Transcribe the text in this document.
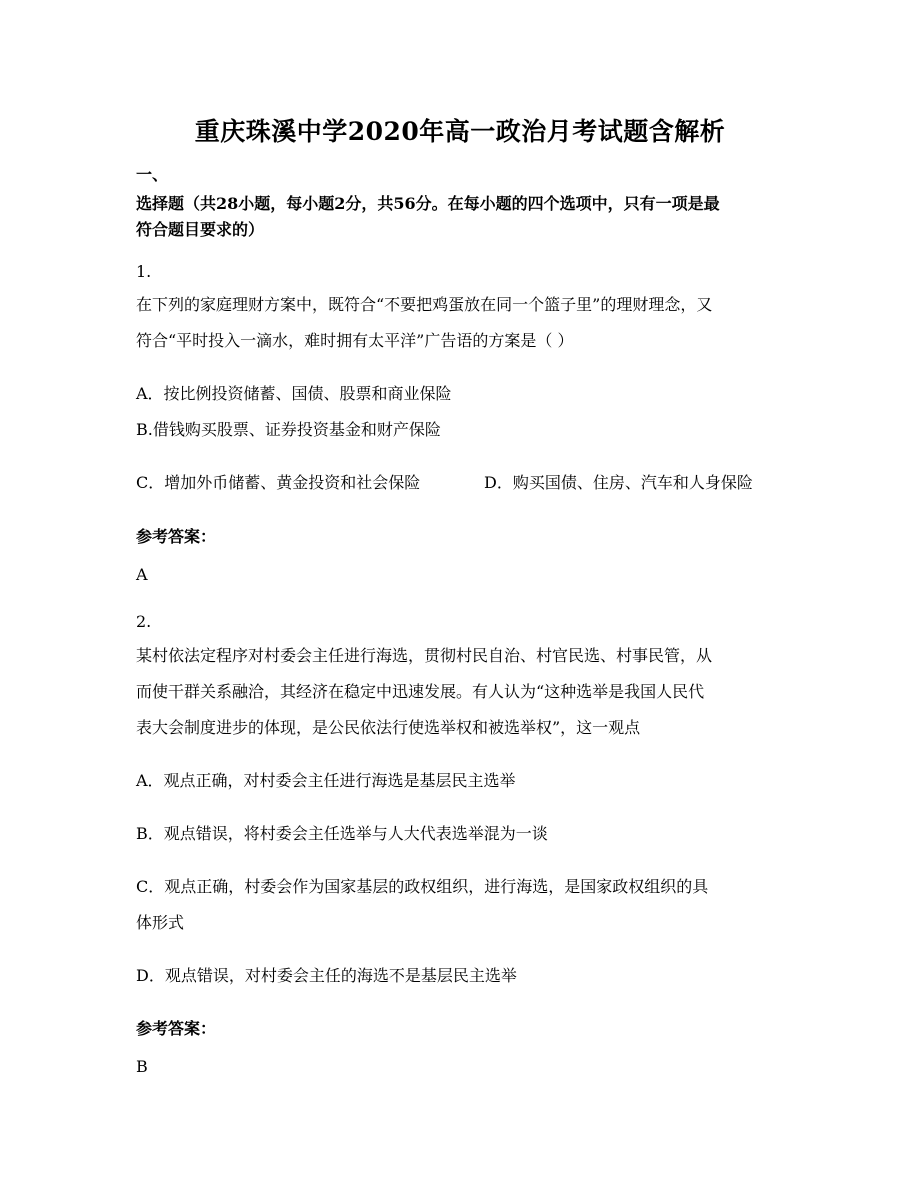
重庆珠溪中学2020年高一政治月考试题含解析
一、
选择题（共28小题，每小题2分，共56分。在每小题的四个选项中，只有一项是最
符合题目要求的）
1.
在下列的家庭理财方案中，既符合“不要把鸡蛋放在同一个篮子里”的理财理念，又
符合“平时投入一滴水，难时拥有太平洋”广告语的方案是（ ）
A．按比例投资储蓄、国债、股票和商业保险
B.借钱购买股票、证券投资基金和财产保险
C．增加外币储蓄、黄金投资和社会保险	D．购买国债、住房、汽车和人身保险
参考答案：
A
2.
某村依法定程序对村委会主任进行海选，贯彻村民自治、村官民选、村事民管，从
而使干群关系融洽，其经济在稳定中迅速发展。有人认为“这种选举是我国人民代
表大会制度进步的体现，是公民依法行使选举权和被选举权”，这一观点
A．观点正确，对村委会主任进行海选是基层民主选举
B．观点错误，将村委会主任选举与人大代表选举混为一谈
C．观点正确，村委会作为国家基层的政权组织，进行海选，是国家政权组织的具
体形式
D．观点错误，对村委会主任的海选不是基层民主选举
参考答案：
B
